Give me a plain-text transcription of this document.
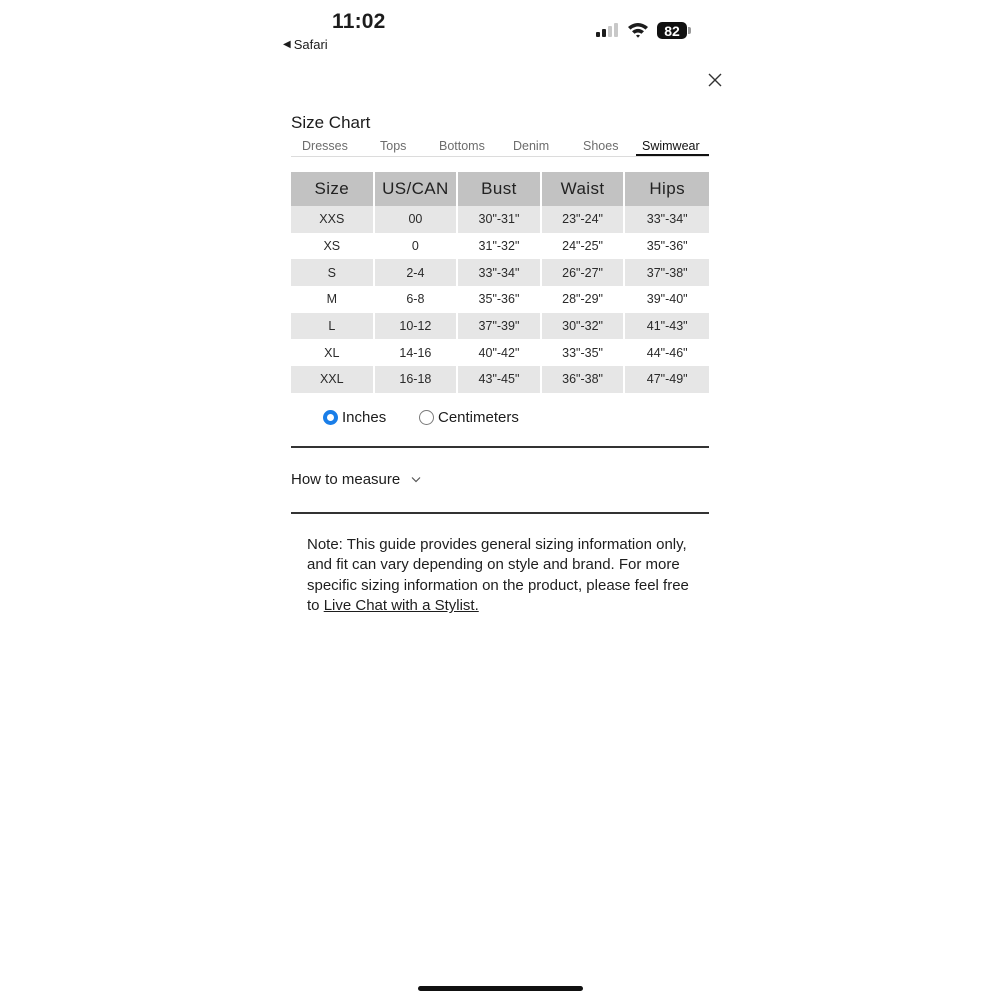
11:02
◀ Safari
82
Size Chart
Dresses	Tops	Bottoms Denim	Shoes Swimwear
Size	US/CAN	Bust	Waist	Hips
XXS	00	30"-31"	23"-24"	33"-34"
XS	0	31"-32"	24"-25"	35"-36"
S	2-4	33"-34"	26"-27"	37"-38"
M	6-8	35"-36"	28"-29"	39"-40"
L	10-12	37"-39"	30"-32"	41"-43"
XL	14-16	40"-42"	33"-35"	44"-46"
XXL	16-18	43"-45"	36"-38"	47"-49"
Inches	Centimeters
How to measure
Note: This guide provides general sizing information only, and fit can vary depending on style and brand. For more specific sizing information on the product, please feel free to Live Chat with a Stylist.
